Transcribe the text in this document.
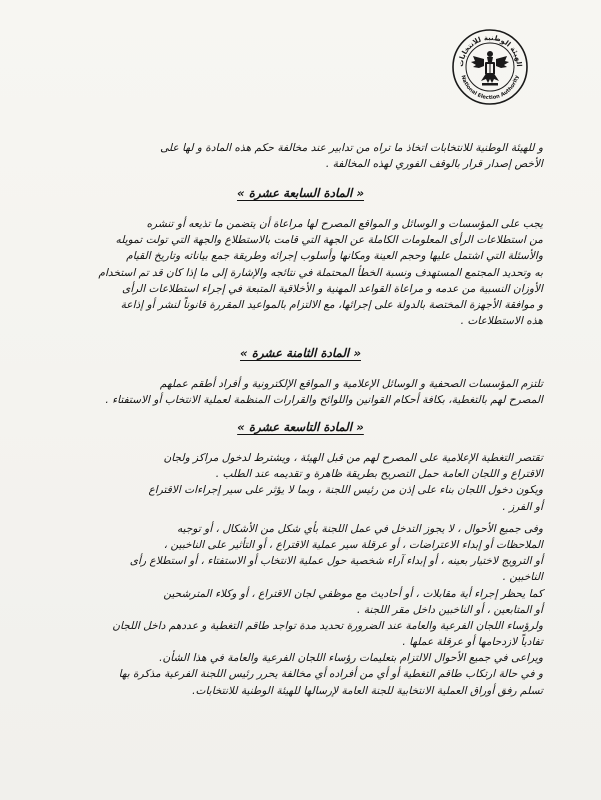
الهيئة الوطنية للانتخابات
National Election Authority
و للهيئة الوطنية للانتخابات اتخاذ ما تراه من تدابير عند مخالفة حكم هذه المادة و لها على
الأخص إصدار قرار بالوقف الفوري لهذه المخالفة .
« المادة السابعة عشرة »
يجب على المؤسسات و الوسائل و المواقع المصرح لها مراعاة أن يتضمن ما تذيعه أو تنشره
من استطلاعات الرأى المعلومات الكاملة عن الجهة التي قامت بالاستطلاع والجهة التي تولت تمويله
والأسئلة التي اشتمل عليها وحجم العينة ومكانها وأسلوب إجرائه وطريقة جمع بياناته وتاريخ القيام
به وتحديد المجتمع المستهدف ونسبة الخطأ المحتملة في نتائجه والإشارة إلى ما إذا كان قد تم استخدام
الأوزان النسبية من عدمه و مراعاة القواعد المهنية و الأخلاقية المتبعة في إجراء استطلاعات الرأى
و موافقة الأجهزة المختصة بالدولة على إجرائها، مع الالتزام بالمواعيد المقررة قانوناً لنشر أو إذاعة
هذه الاستطلاعات .
« المادة الثامنة عشرة »
تلتزم المؤسسات الصحفية و الوسائل الإعلامية و المواقع الإلكترونية و أفراد أطقم عملهم
المصرح لهم بالتغطية، بكافة أحكام القوانين واللوائح والقرارات المنظمة لعملية الانتخاب أو الاستفتاء .
« المادة التاسعة عشرة »
تقتصر التغطية الإعلامية على المصرح لهم من قبل الهيئة ، ويشترط لدخول مراكز ولجان
الاقتراع و اللجان العامة حمل التصريح بطريقة ظاهرة و تقديمه عند الطلب .
ويكون دخول اللجان بناء على إذن من رئيس اللجنة ، وبما لا يؤثر على سير إجراءات الاقتراع
أو الفرز .
وفى جميع الأحوال ، لا يجوز التدخل في عمل اللجنة بأي شكل من الأشكال ، أو توجيه
الملاحظات أو إبداء الاعتراضات ، أو عرقلة سير عملية الاقتراع ، أو التأثير على الناخبين ،
أو الترويج لاختيار بعينه ، أو إبداء آراء شخصية حول عملية الانتخاب أو الاستفتاء ، أو استطلاع رأى
الناخبين .
كما يحظر إجراء أية مقابلات ، أو أحاديث مع موظفي لجان الاقتراع ، أو وكلاء المترشحين
أو المتابعين ، أو الناخبين داخل مقر اللجنة .
ولرؤساء اللجان الفرعية والعامة عند الضرورة تحديد مدة تواجد طاقم التغطية و عددهم داخل اللجان
تفادياً لازدحامها أو عرقلة عملها .
ويراعى في جميع الأحوال الالتزام بتعليمات رؤساء اللجان الفرعية والعامة في هذا الشأن.
و في حالة ارتكاب طاقم التغطية أو أي من أفراده أي مخالفة يحرر رئيس اللجنة الفرعية مذكرة بها
تسلم رفق أوراق العملية الانتخابية للجنة العامة لإرسالها للهيئة الوطنية للانتخابات.
